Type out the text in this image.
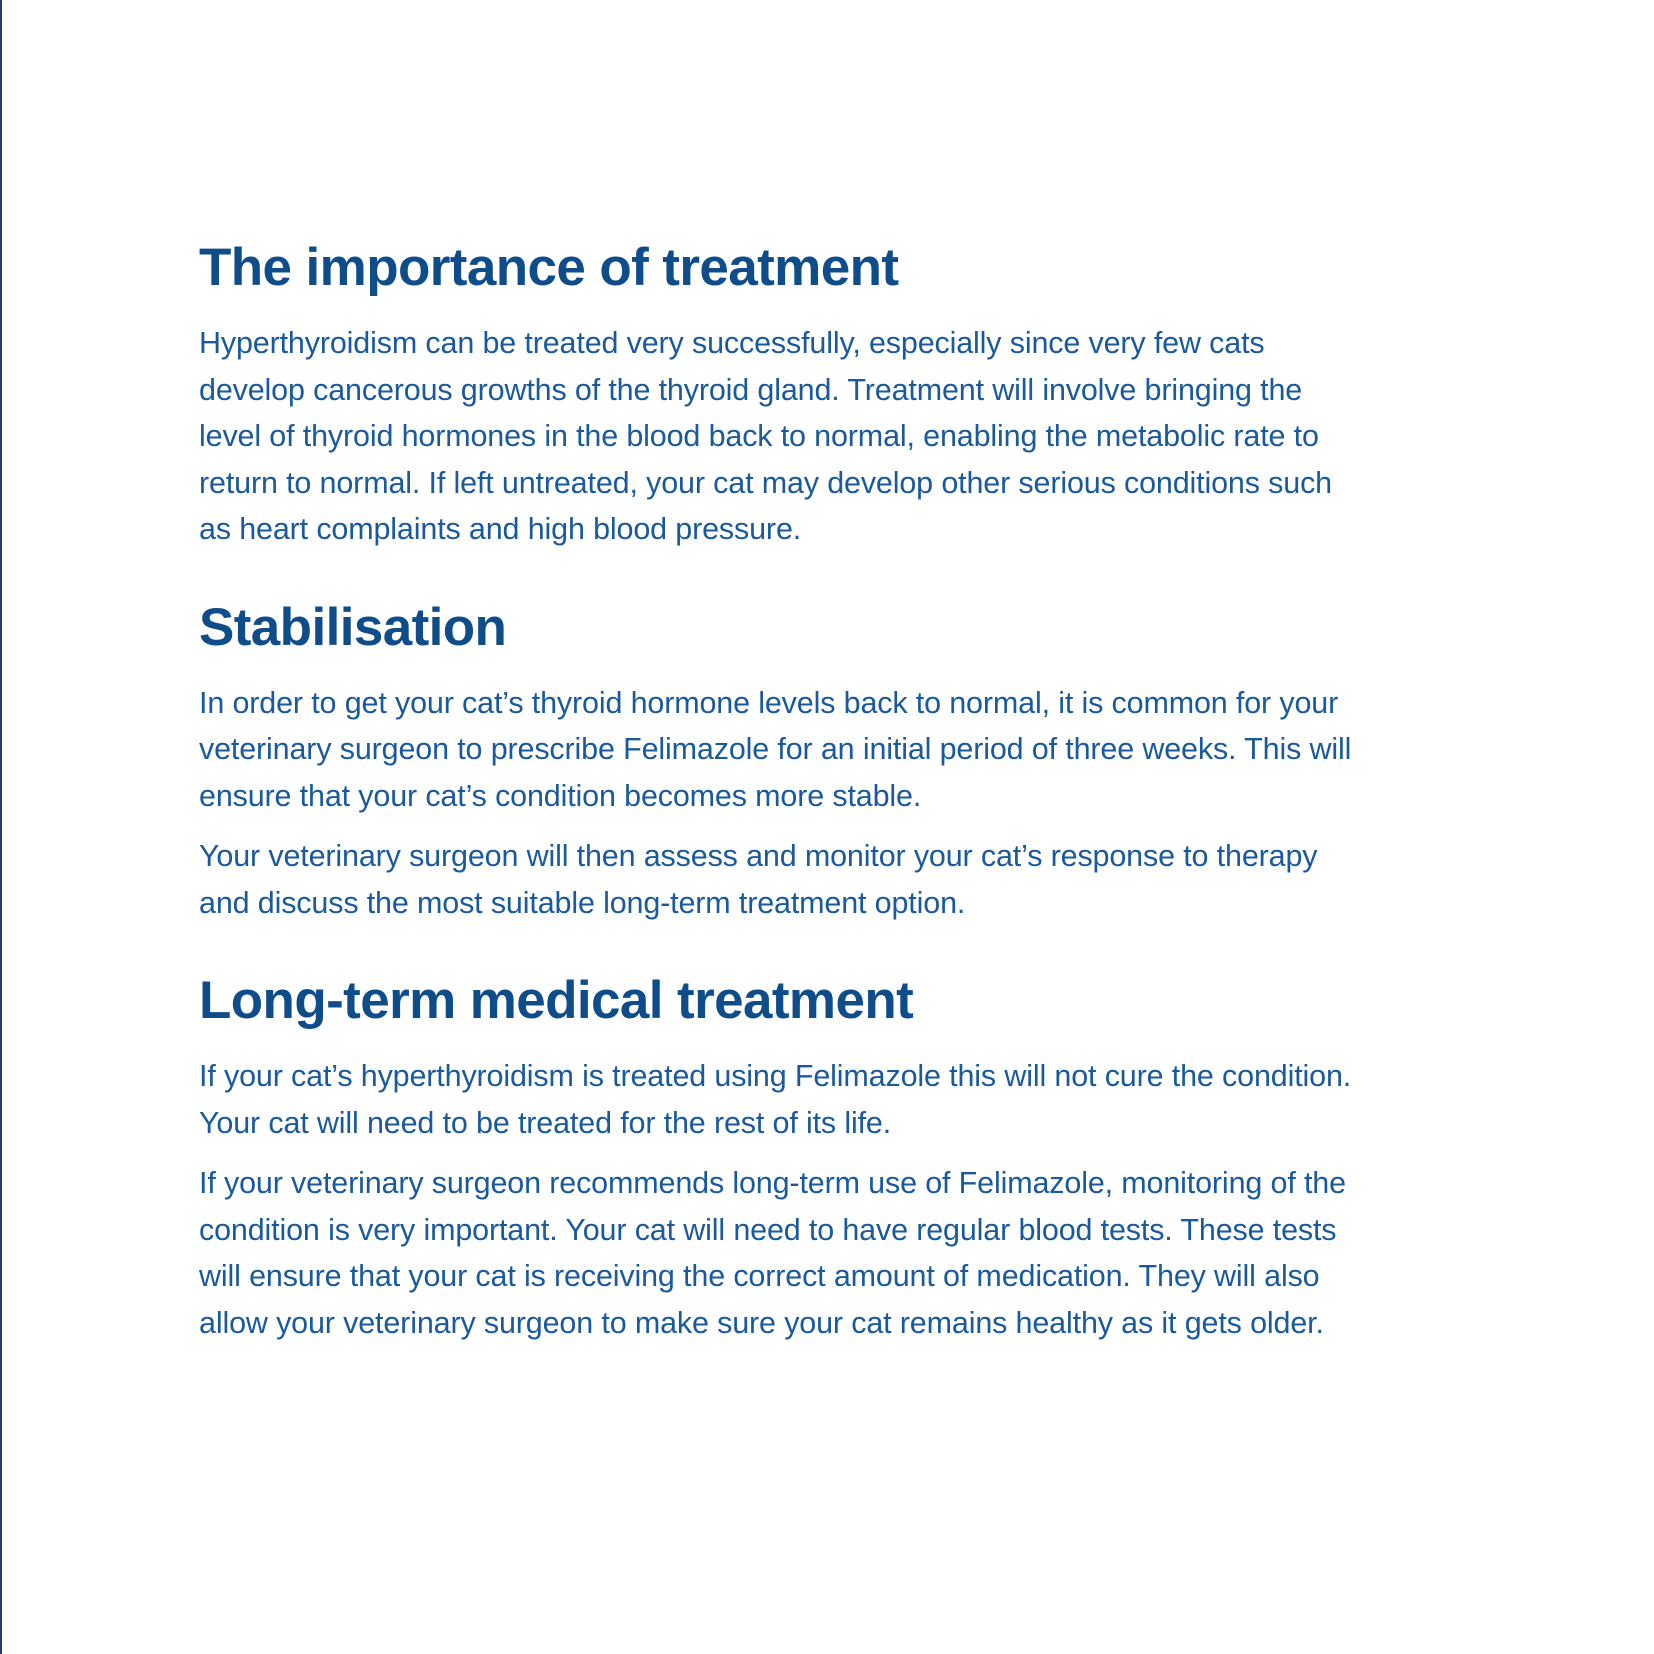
The importance of treatment

Hyperthyroidism can be treated very successfully, especially since very few cats develop cancerous growths of the thyroid gland. Treatment will involve bringing the level of thyroid hormones in the blood back to normal, enabling the metabolic rate to return to normal. If left untreated, your cat may develop other serious conditions such as heart complaints and high blood pressure.

Stabilisation

In order to get your cat’s thyroid hormone levels back to normal, it is common for your veterinary surgeon to prescribe Felimazole for an initial period of three weeks. This will ensure that your cat’s condition becomes more stable.

Your veterinary surgeon will then assess and monitor your cat’s response to therapy and discuss the most suitable long-term treatment option.

Long-term medical treatment

If your cat’s hyperthyroidism is treated using Felimazole this will not cure the condition. Your cat will need to be treated for the rest of its life.

If your veterinary surgeon recommends long-term use of Felimazole, monitoring of the condition is very important. Your cat will need to have regular blood tests. These tests will ensure that your cat is receiving the correct amount of medication. They will also allow your veterinary surgeon to make sure your cat remains healthy as it gets older.
